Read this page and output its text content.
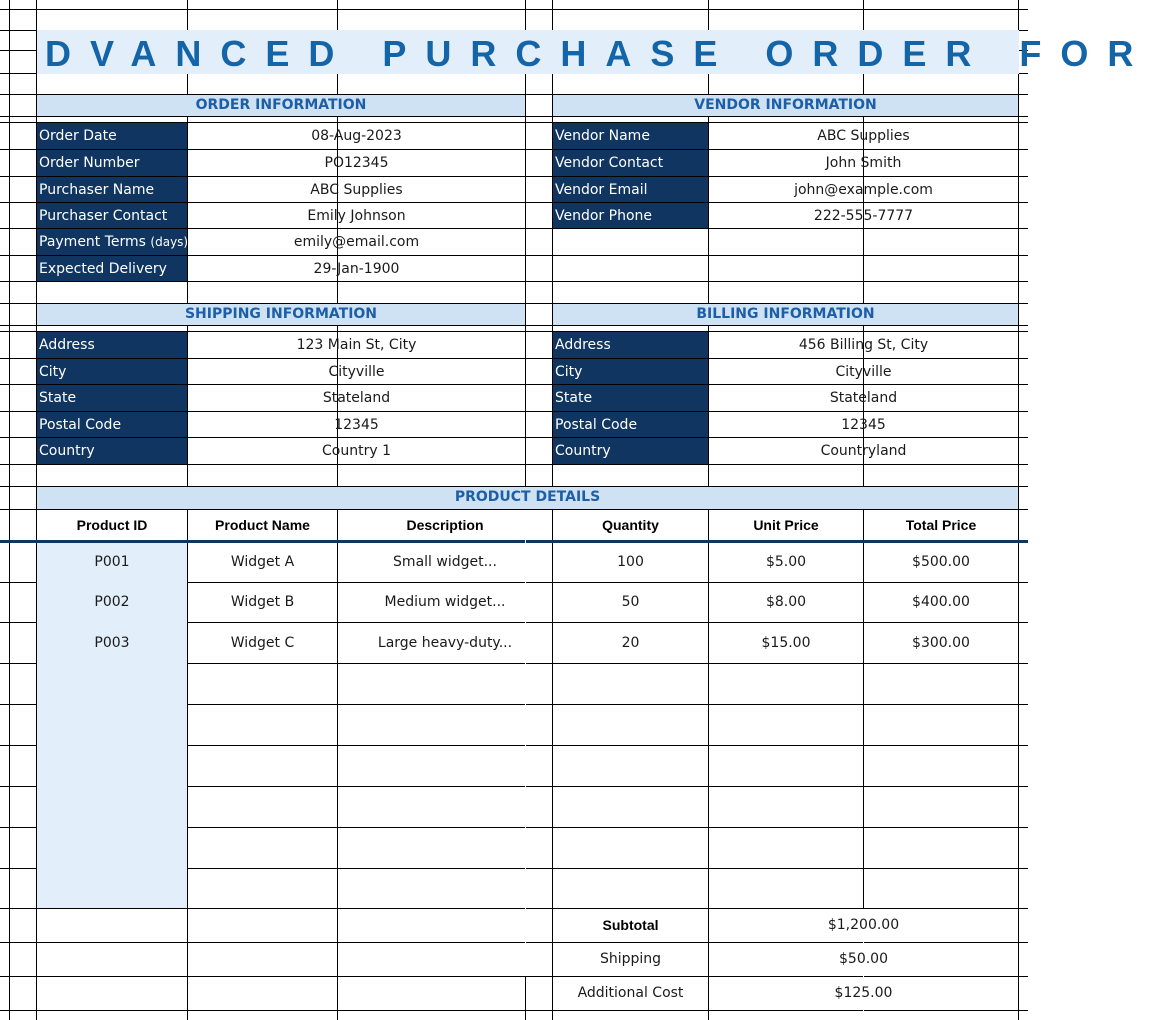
DVANCED PURCHASE ORDER FOR
ORDER INFORMATION	VENDOR INFORMATION
SHIPPING INFORMATION	BILLING INFORMATION
PRODUCT DETAILS
Order Date	08-Aug-2023
Order Number	PO12345
Purchaser Name	ABC Supplies
Purchaser Contact	Emily Johnson
Payment Terms (days)	emily@email.com
Expected Delivery	29-Jan-1900
Vendor Name	ABC Supplies
Vendor Contact	John Smith
Vendor Email	john@example.com
Vendor Phone	222-555-7777
Address	123 Main St, City
City	Cityville
State	Stateland
Postal Code	12345
Country	Country 1
Address	456 Billing St, City
City	Cityville
State	Stateland
Postal Code	12345
Country	Countryland
Product ID	Product Name	Description	Quantity	Unit Price	Total Price
P001	Widget A	Small widget...	100	$5.00	$500.00
P002	Widget B	Medium widget...	50	$8.00	$400.00
P003	Widget C	Large heavy-duty...	20	$15.00	$300.00
Subtotal	$1,200.00
Shipping	$50.00
Additional Cost	$125.00
